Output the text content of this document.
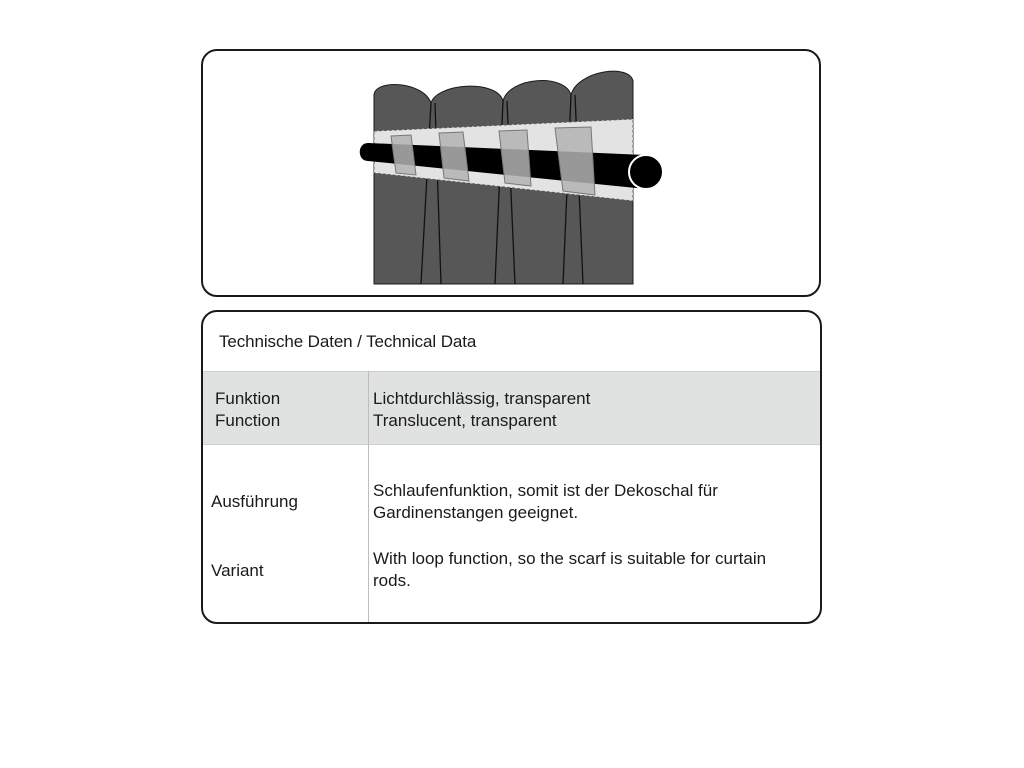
Technische Daten / Technical Data
Funktion
Function
Lichtdurchlässig, transparent
Translucent, transparent
Ausführung
Variant
Schlaufenfunktion, somit ist der Dekoschal für Gardinenstangen geeignet.
With loop function, so the scarf is suitable for curtain rods.
